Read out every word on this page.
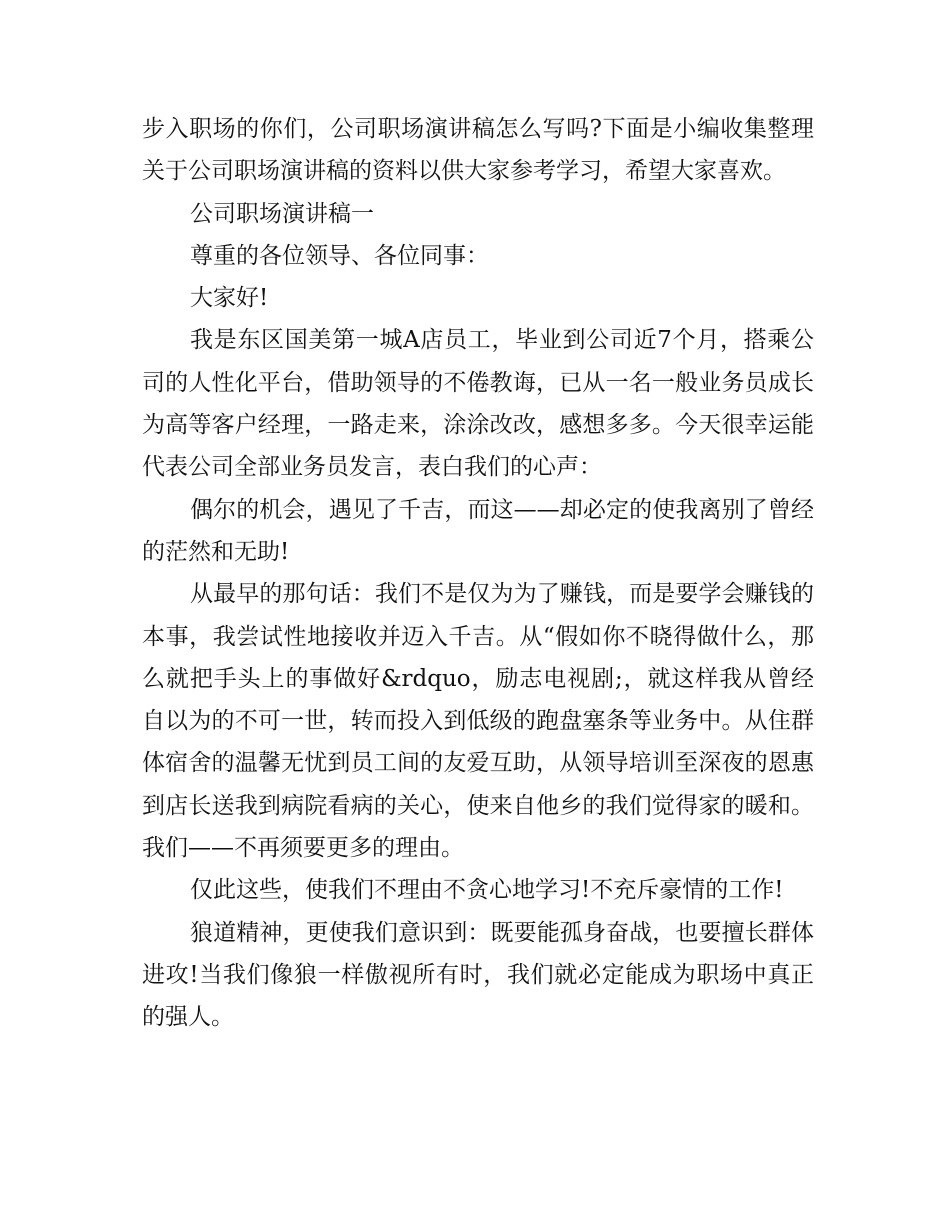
步入职场的你们，公司职场演讲稿怎么写吗?下面是小编收集整理关于公司职场演讲稿的资料以供大家参考学习，希望大家喜欢。

公司职场演讲稿一

尊重的各位领导、各位同事：

大家好!

我是东区国美第一城A店员工，毕业到公司近7个月，搭乘公司的人性化平台，借助领导的不倦教诲，已从一名一般业务员成长为高等客户经理，一路走来，涂涂改改，感想多多。今天很幸运能代表公司全部业务员发言，表白我们的心声：

偶尔的机会，遇见了千吉，而这——却必定的使我离别了曾经的茫然和无助!

从最早的那句话：我们不是仅为为了赚钱，而是要学会赚钱的本事，我尝试性地接收并迈入千吉。从“假如你不晓得做什么，那么就把手头上的事做好&rdquo，励志电视剧;，就这样我从曾经自以为的不可一世，转而投入到低级的跑盘塞条等业务中。从住群体宿舍的温馨无忧到员工间的友爱互助，从领导培训至深夜的恩惠到店长送我到病院看病的关心，使来自他乡的我们觉得家的暖和。我们——不再须要更多的理由。

仅此这些，使我们不理由不贪心地学习!不充斥豪情的工作!

狼道精神，更使我们意识到：既要能孤身奋战，也要擅长群体进攻!当我们像狼一样傲视所有时，我们就必定能成为职场中真正的强人。
